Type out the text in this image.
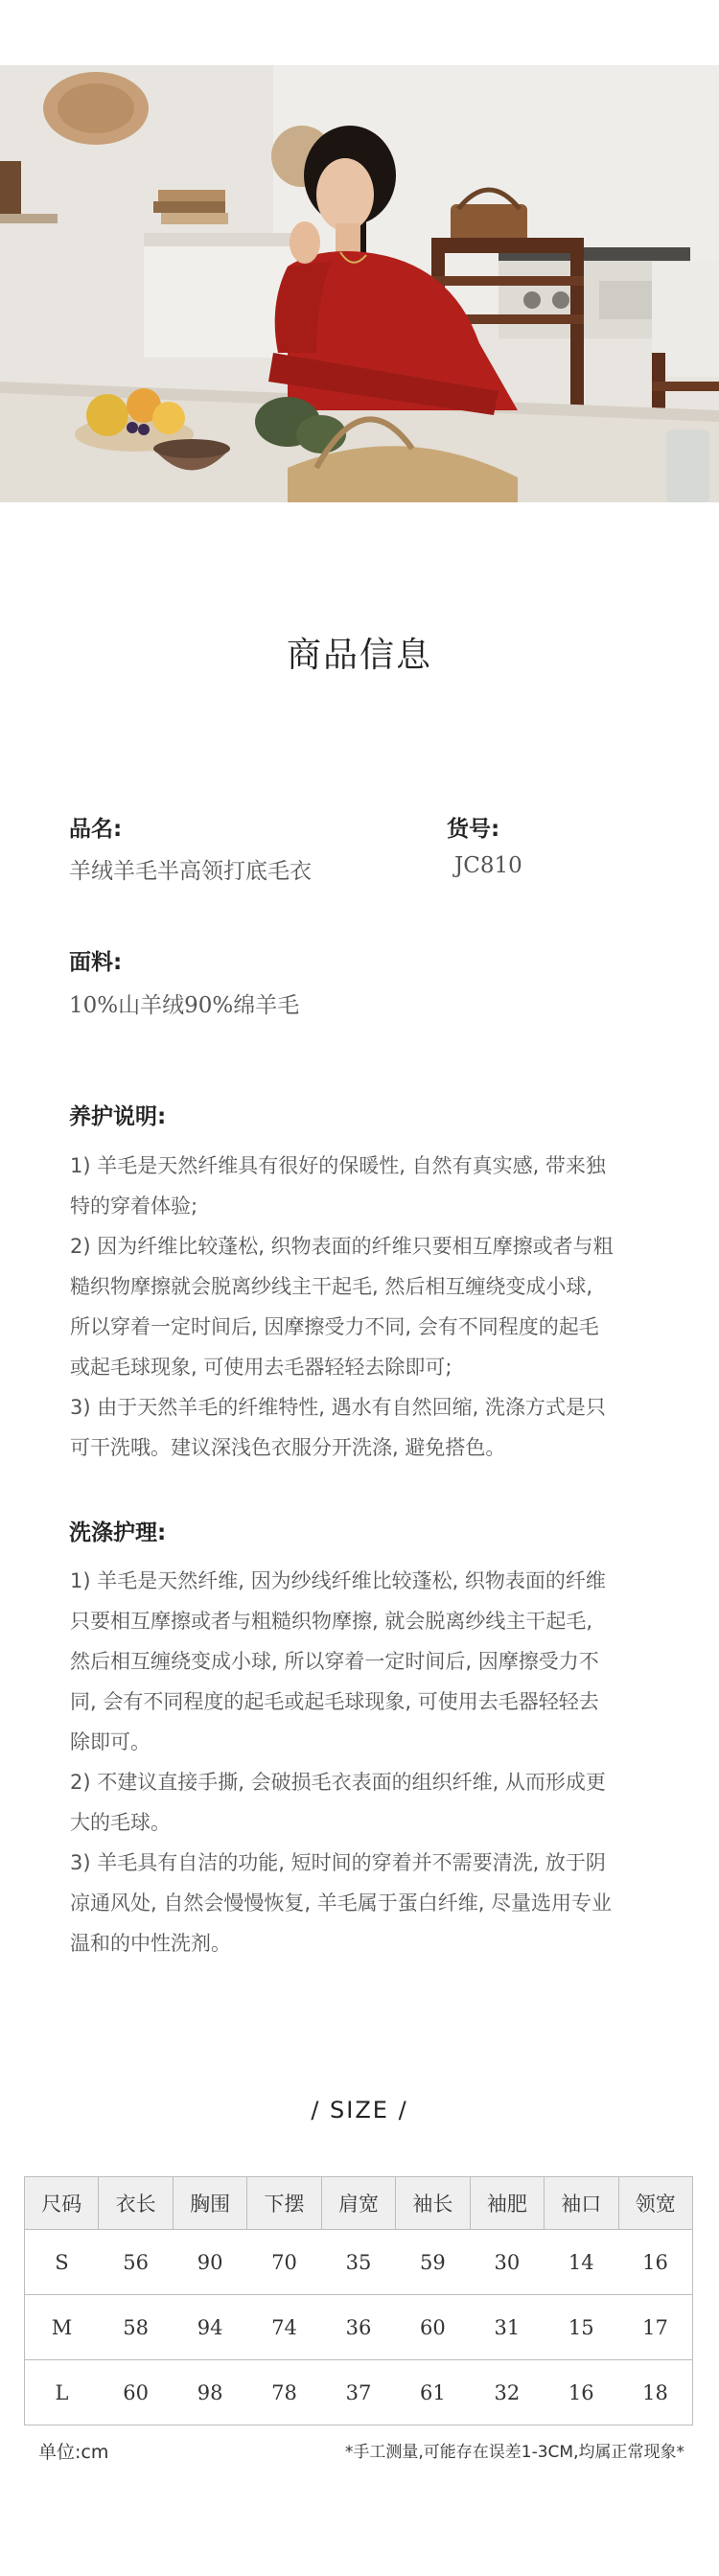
商品信息
品名:
羊绒羊毛半高领打底毛衣
货号:
JC810
面料:
10%山羊绒90%绵羊毛
养护说明:

1) 羊毛是天然纤维具有很好的保暖性, 自然有真实感, 带来独

特的穿着体验;

2) 因为纤维比较蓬松, 织物表面的纤维只要相互摩擦或者与粗

糙织物摩擦就会脱离纱线主干起毛, 然后相互缠绕变成小球,

所以穿着一定时间后, 因摩擦受力不同, 会有不同程度的起毛

或起毛球现象, 可使用去毛器轻轻去除即可;

3) 由于天然羊毛的纤维特性, 遇水有自然回缩, 洗涤方式是只

可干洗哦。建议深浅色衣服分开洗涤, 避免搭色。

洗涤护理:

1) 羊毛是天然纤维, 因为纱线纤维比较蓬松, 织物表面的纤维

只要相互摩擦或者与粗糙织物摩擦, 就会脱离纱线主干起毛,

然后相互缠绕变成小球, 所以穿着一定时间后, 因摩擦受力不

同, 会有不同程度的起毛或起毛球现象, 可使用去毛器轻轻去

除即可。

2) 不建议直接手撕, 会破损毛衣表面的组织纤维, 从而形成更

大的毛球。

3) 羊毛具有自洁的功能, 短时间的穿着并不需要清洗, 放于阴

凉通风处, 自然会慢慢恢复, 羊毛属于蛋白纤维, 尽量选用专业

温和的中性洗剂。

/ SIZE /
尺码	衣长	胸围	下摆	肩宽	袖长	袖肥	袖口	领宽
S	56	90	70	35	59	30	14	16
M	58	94	74	36	60	31	15	17
L	60	98	78	37	61	32	16	18
单位:cm	*手工测量,可能存在误差1-3CM,均属正常现象*
